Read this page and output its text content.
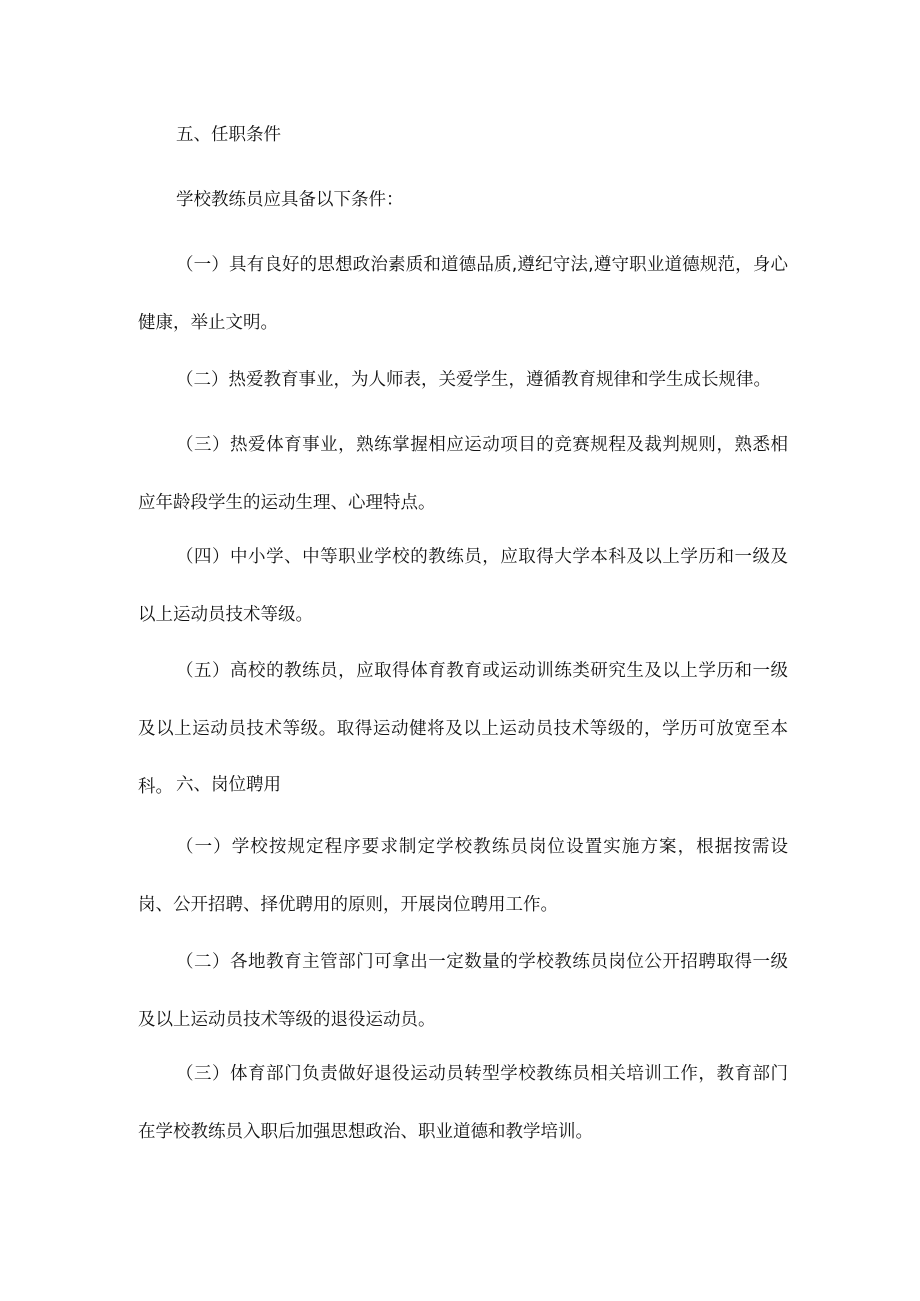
五、任职条件

学校教练员应具备以下条件：

（一）具有良好的思想政治素质和道德品质,遵纪守法,遵守职业道德规范，身心健康，举止文明。

（二）热爱教育事业，为人师表，关爱学生，遵循教育规律和学生成长规律。

（三）热爱体育事业，熟练掌握相应运动项目的竞赛规程及裁判规则，熟悉相应年龄段学生的运动生理、心理特点。

（四）中小学、中等职业学校的教练员，应取得大学本科及以上学历和一级及以上运动员技术等级。

（五）高校的教练员，应取得体育教育或运动训练类研究生及以上学历和一级及以上运动员技术等级。取得运动健将及以上运动员技术等级的，学历可放宽至本科。 六、岗位聘用

（一）学校按规定程序要求制定学校教练员岗位设置实施方案，根据按需设岗、公开招聘、择优聘用的原则，开展岗位聘用工作。

（二）各地教育主管部门可拿出一定数量的学校教练员岗位公开招聘取得一级及以上运动员技术等级的退役运动员。

（三）体育部门负责做好退役运动员转型学校教练员相关培训工作，教育部门在学校教练员入职后加强思想政治、职业道德和教学培训。
